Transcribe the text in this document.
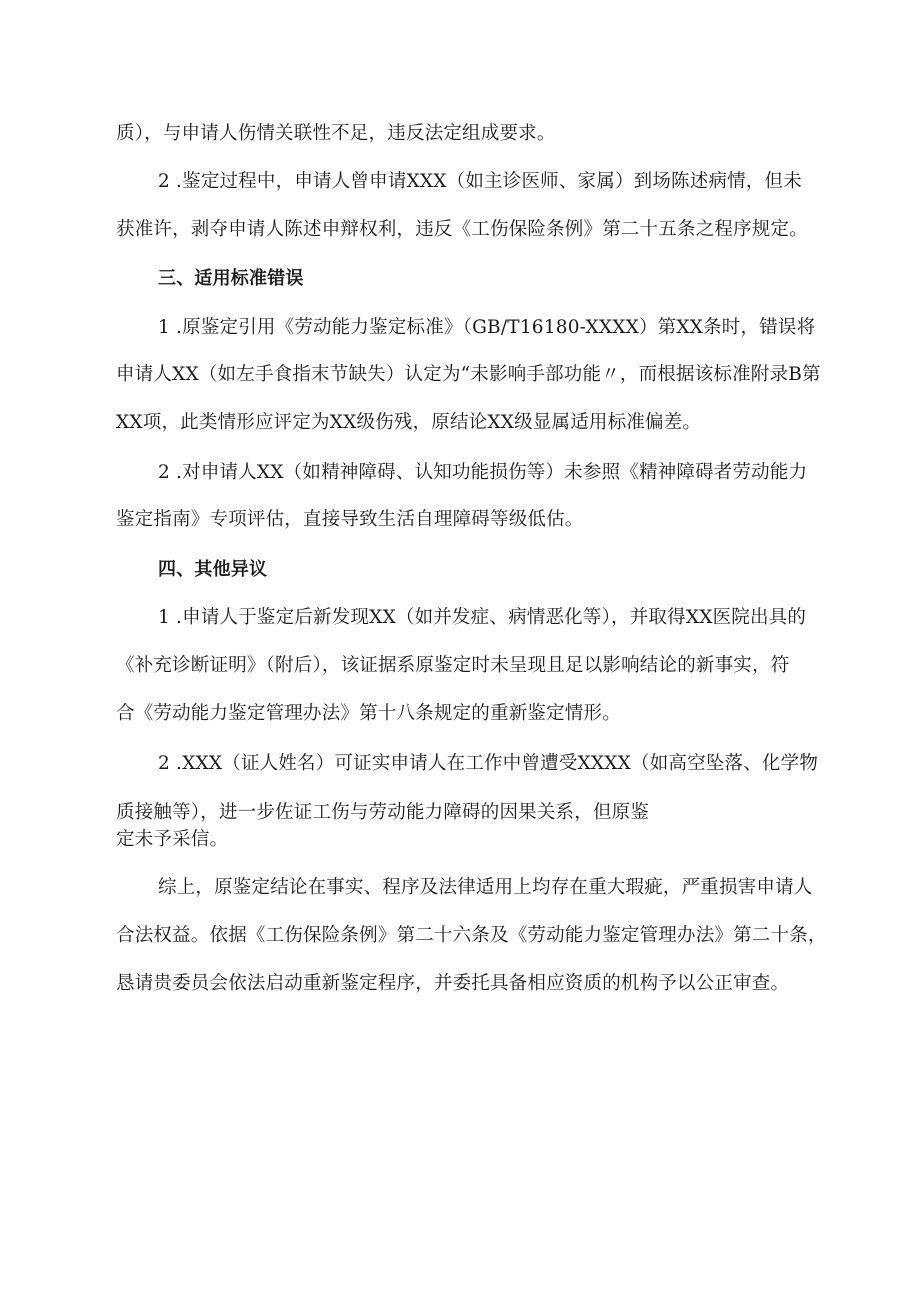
质），与申请人伤情关联性不足，违反法定组成要求。
2 .鉴定过程中，申请人曾申请XXX（如主诊医师、家属）到场陈述病情，但未
获准许，剥夺申请人陈述申辩权利，违反《工伤保险条例》第二十五条之程序规定。
三、适用标准错误
1 .原鉴定引用《劳动能力鉴定标准》（GB/T16180-XXXX）第XX条时，错误将
申请人XX（如左手食指末节缺失）认定为“未影响手部功能〃，而根据该标准附录B第
XX项，此类情形应评定为XX级伤残，原结论XX级显属适用标准偏差。
2 .对申请人XX（如精神障碍、认知功能损伤等）未参照《精神障碍者劳动能力
鉴定指南》专项评估，直接导致生活自理障碍等级低估。
四、其他异议
1 .申请人于鉴定后新发现XX（如并发症、病情恶化等），并取得XX医院出具的
《补充诊断证明》（附后），该证据系原鉴定时未呈现且足以影响结论的新事实，符
合《劳动能力鉴定管理办法》第十八条规定的重新鉴定情形。
2 .XXX（证人姓名）可证实申请人在工作中曾遭受XXXX（如高空坠落、化学物
质接触等），进一步佐证工伤与劳动能力障碍的因果关系，但原鉴
定未予采信。
综上，原鉴定结论在事实、程序及法律适用上均存在重大瑕疵，严重损害申请人
合法权益。依据《工伤保险条例》第二十六条及《劳动能力鉴定管理办法》第二十条，
恳请贵委员会依法启动重新鉴定程序，并委托具备相应资质的机构予以公正审查。
